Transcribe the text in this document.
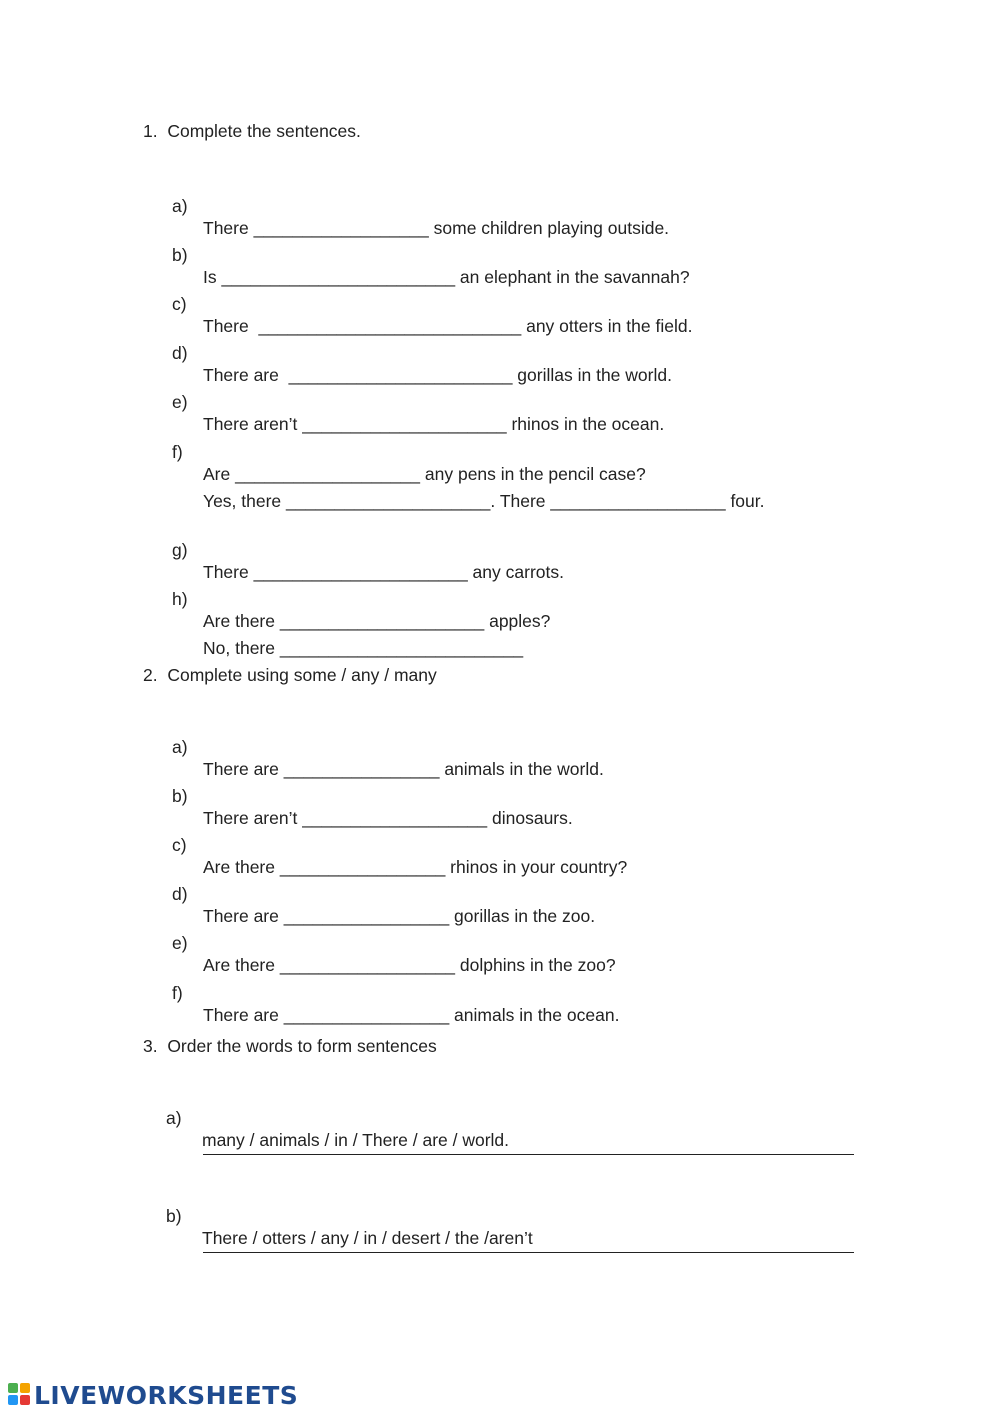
1.  Complete the sentences.

a)

There __________________ some children playing outside.

b)

Is ________________________ an elephant in the savannah?

c)

There  ___________________________ any otters in the field.

d)

There are  _______________________ gorillas in the world.

e)

There aren’t _____________________ rhinos in the ocean.

f)

Are ___________________ any pens in the pencil case?

Yes, there _____________________. There __________________ four.

g)

There ______________________ any carrots.

h)

Are there _____________________ apples?

No, there _________________________

2.  Complete using some / any / many

a)

There are ________________ animals in the world.

b)

There aren’t ___________________ dinosaurs.

c)

Are there _________________ rhinos in your country?

d)

There are _________________ gorillas in the zoo.

e)

Are there __________________ dolphins in the zoo?

f)

There are _________________ animals in the ocean.

3.  Order the words to form sentences

a)

many / animals / in / There / are / world.

b)

There / otters / any / in / desert / the /aren’t

LIVEWORKSHEETS
